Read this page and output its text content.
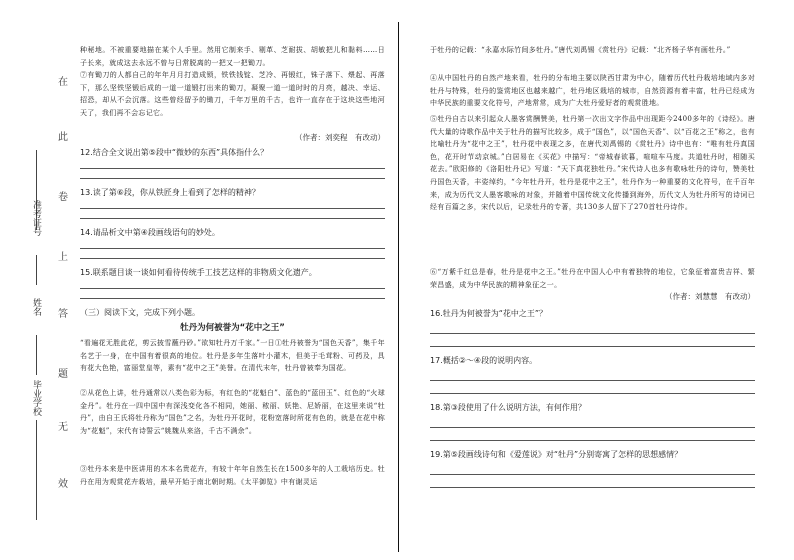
准考证号
姓名
毕业学校
在
此
卷
上
答
题
无
效

种秘地。不被重要地描在某个人手里。然用它制来手、剔革、芝耐拔、胡敏把儿和黏料……日子长来，就成这去永远不曾与日常脱离的一把又一把锄刀。

⑦有锄刀的人都自己的年年月月打造成锁，铁铁钱锭、芝冷、再锻红，铢子落下、煨起、再落下，那么坚铁坚锻后成的一道一道锻打出来的锄刀，凝聚一道一道时时的月亮，越决、幸运、招恐，却从不会沉落。这些曾经留予的锄刀，千年万里的千古，也许一直存在于这块这些地河天了，我们再不会忘记它。

（作者：刘奕程　有改动）

12.结合全文说出第⑤段中“微妙的东西”具体指什么？

13.读了第⑥段，你从铁匠身上看到了怎样的精神？

14.请品析文中第④段画线语句的妙处。

15.联系题目谈一谈如何看待传统手工技艺这样的非物质文化遗产。

（三）阅读下文，完成下列小题。

牡丹为何被誉为“花中之王”

“看遍花无胜此花，剪云披雪蘸丹砂。”欲知牡丹万千家。”一日①牡丹被誉为“国色天香”，集千年名艺于一身，在中国有着很高的地位。牡丹是多年生落叶小灌木，但美于毛茸粉、可药及，具有花大色艳，富丽堂皇等，素有“花中之王”美誉。在清代末年，牡丹曾被奉为国花。

②从花色上讲，牡丹通常以八类色彩为标，有红色的“花魁白”、蓝色的“蓝田玉”、红色的“火球金丹”。牡丹在一四中国中有深浅变化各不相同，她丽、秾丽、妖艳、尼娇丽，在这里来说“牡丹”，由自王氏将牡丹称为“国色”之名，为牡丹开花时，花粉宽落时所花有色的，就是在花中称为“花魁”，宋代有诗誓云“姚魏从来洛，千古不满余”。

③牡丹本来是中医讲用的木本名贵花卉，有较十年年自然生长在1500多年的人工栽培历史。牡丹在用为观赏花卉栽培，最早开始于南北朝时期。《太平御览》中有谢灵运

于牡丹的记载：“永嘉水际竹间多牡丹。”唐代刘禹锡《赏牡丹》记载：“北齐杨子华有画牡丹。”

④从中国牡丹的自然产地来看，牡丹的分布地主要以陕西甘肃为中心，随着历代牡丹栽培地域内多对牡丹与特殊，牡丹的鉴赏地区也越来越广，牡丹地区栽培的城市，自然资源有着丰富，牡丹已经成为中华民族的重要文化符号，产地常常，成为广大牡丹爱好者的观赏胜地。

⑤牡丹自古以来引起众人墨客赏酬赞美，牡丹第一次出文字作品中出现距今2400多年的《诗经》。唐代大量的诗歌作品中关于牡丹的描写比较多，成于“国色”，以“国色天香”、以“百花之王”称之，也有比喻牡丹为“花中之王”，牡丹花中表现之多，在唐代刘禹锡的《赏牡丹》诗中也有：“唯有牡丹真国色，花开时节动京城。”白居易在《买花》中描写：“帝城春欲暮，喧喧车马度。共道牡丹时，相随买花去。”欧阳修的《洛阳牡丹记》写道：“天下真花独牡丹。”宋代诗人也多有歌咏牡丹的诗句，赞美牡丹国色天香，丰姿绰约，“今年牡丹开，牡丹是花中之王”，牡丹作为一种重要的文化符号，在千百年来，成为历代文人墨客歌咏的对象，并随着中国传统文化传播到海外，历代文人为牡丹所写的诗词已经有百篇之多，宋代以后，记录牡丹的专著，共130多人留下了270首牡丹诗作。

⑥“万紫千红总是春，牡丹是花中之王。”牡丹在中国人心中有着独特的地位，它象征着富贵吉祥、繁荣昌盛，成为中华民族的精神象征之一。

（作者：刘慧慧　有改动）

16.牡丹为何被誉为“花中之王”？

17.概括②～④段的说明内容。

18.第③段使用了什么说明方法，有何作用？

19.第⑤段画线诗句和《爱莲说》对“牡丹”分别寄寓了怎样的思想感情？
